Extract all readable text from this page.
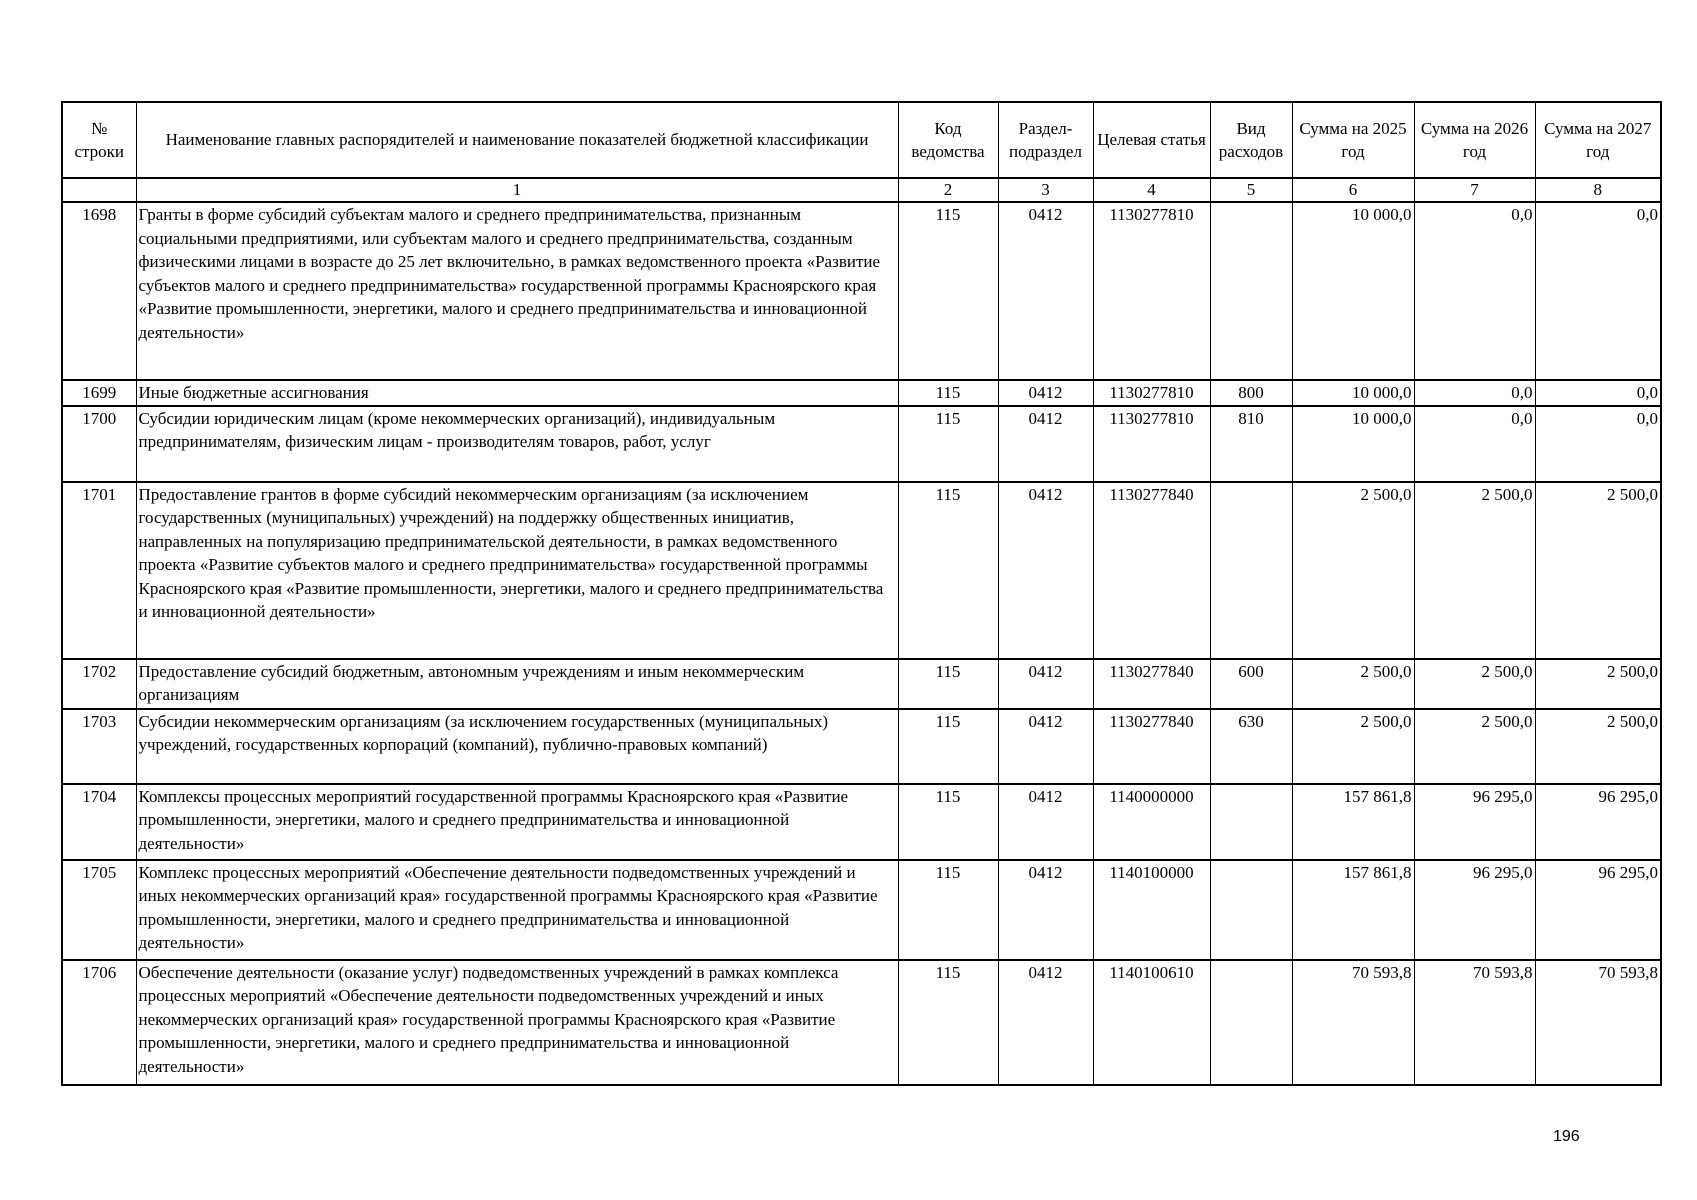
№ строки	Наименование главных распорядителей и наименование показателей бюджетной классификации	Код ведомства	Раздел-подраздел	Целевая статья	Вид расходов	Сумма на 2025 год	Сумма на 2026 год	Сумма на 2027 год
	1	2	3	4	5	6	7	8
1698	Гранты в форме субсидий субъектам малого и среднего предпринимательства, признанным социальными предприятиями, или субъектам малого и среднего предпринимательства, созданным физическими лицами в возрасте до 25 лет включительно, в рамках ведомственного проекта «Развитие субъектов малого и среднего предпринимательства» государственной программы Красноярского края «Развитие промышленности, энергетики, малого и среднего предпринимательства и инновационной деятельности»	115	0412	1130277810		10 000,0	0,0	0,0
1699	Иные бюджетные ассигнования	115	0412	1130277810	800	10 000,0	0,0	0,0
1700	Субсидии юридическим лицам (кроме некоммерческих организаций), индивидуальным предпринимателям, физическим лицам - производителям товаров, работ, услуг	115	0412	1130277810	810	10 000,0	0,0	0,0
1701	Предоставление грантов в форме субсидий некоммерческим организациям (за исключением государственных (муниципальных) учреждений) на поддержку общественных инициатив, направленных на популяризацию предпринимательской деятельности, в рамках ведомственного проекта «Развитие субъектов малого и среднего предпринимательства» государственной программы Красноярского края «Развитие промышленности, энергетики, малого и среднего предпринимательства и инновационной деятельности»	115	0412	1130277840		2 500,0	2 500,0	2 500,0
1702	Предоставление субсидий бюджетным, автономным учреждениям и иным некоммерческим организациям	115	0412	1130277840	600	2 500,0	2 500,0	2 500,0
1703	Субсидии некоммерческим организациям (за исключением государственных (муниципальных) учреждений, государственных корпораций (компаний), публично-правовых компаний)	115	0412	1130277840	630	2 500,0	2 500,0	2 500,0
1704	Комплексы процессных мероприятий государственной программы Красноярского края «Развитие промышленности, энергетики, малого и среднего предпринимательства и инновационной деятельности»	115	0412	1140000000		157 861,8	96 295,0	96 295,0
1705	Комплекс процессных мероприятий «Обеспечение деятельности подведомственных учреждений и иных некоммерческих организаций края» государственной программы Красноярского края «Развитие промышленности, энергетики, малого и среднего предпринимательства и инновационной деятельности»	115	0412	1140100000		157 861,8	96 295,0	96 295,0
1706	Обеспечение деятельности (оказание услуг) подведомственных учреждений в рамках комплекса процессных мероприятий «Обеспечение деятельности подведомственных учреждений и иных некоммерческих организаций края» государственной программы Красноярского края «Развитие промышленности, энергетики, малого и среднего предпринимательства и инновационной деятельности»	115	0412	1140100610		70 593,8	70 593,8	70 593,8
196
